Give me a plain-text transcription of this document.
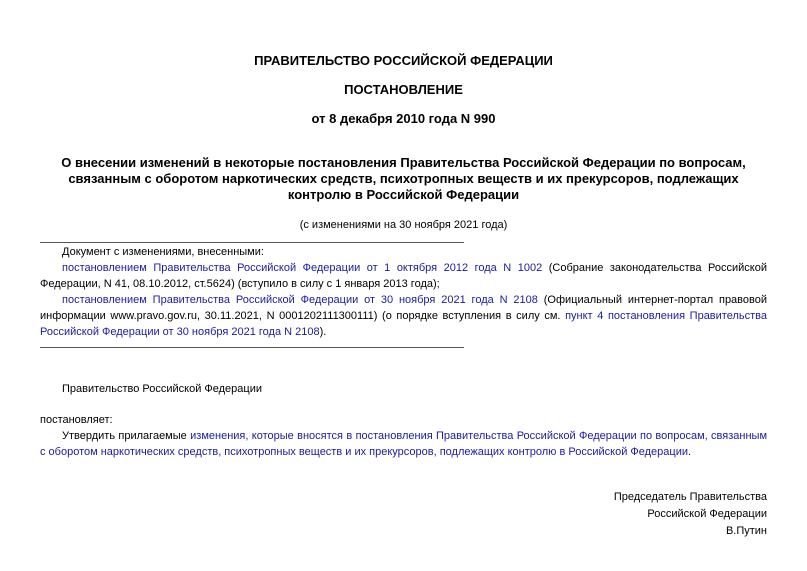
ПРАВИТЕЛЬСТВО РОССИЙСКОЙ ФЕДЕРАЦИИ
ПОСТАНОВЛЕНИЕ
от 8 декабря 2010 года N 990
О внесении изменений в некоторые постановления Правительства Российской Федерации по вопросам, связанным с оборотом наркотических средств, психотропных веществ и их прекурсоров, подлежащих контролю в Российской Федерации
(с изменениями на 30 ноября 2021 года)
Документ с изменениями, внесенными:
постановлением Правительства Российской Федерации от 1 октября 2012 года N 1002 (Собрание законодательства Российской Федерации, N 41, 08.10.2012, ст.5624) (вступило в силу с 1 января 2013 года);
постановлением Правительства Российской Федерации от 30 ноября 2021 года N 2108 (Официальный интернет-портал правовой информации www.pravo.gov.ru, 30.11.2021, N 0001202111300111) (о порядке вступления в силу см. пункт 4 постановления Правительства Российской Федерации от 30 ноября 2021 года N 2108).
Правительство Российской Федерации
постановляет:
Утвердить прилагаемые изменения, которые вносятся в постановления Правительства Российской Федерации по вопросам, связанным с оборотом наркотических средств, психотропных веществ и их прекурсоров, подлежащих контролю в Российской Федерации.
Председатель Правительства
Российской Федерации
В.Путин
